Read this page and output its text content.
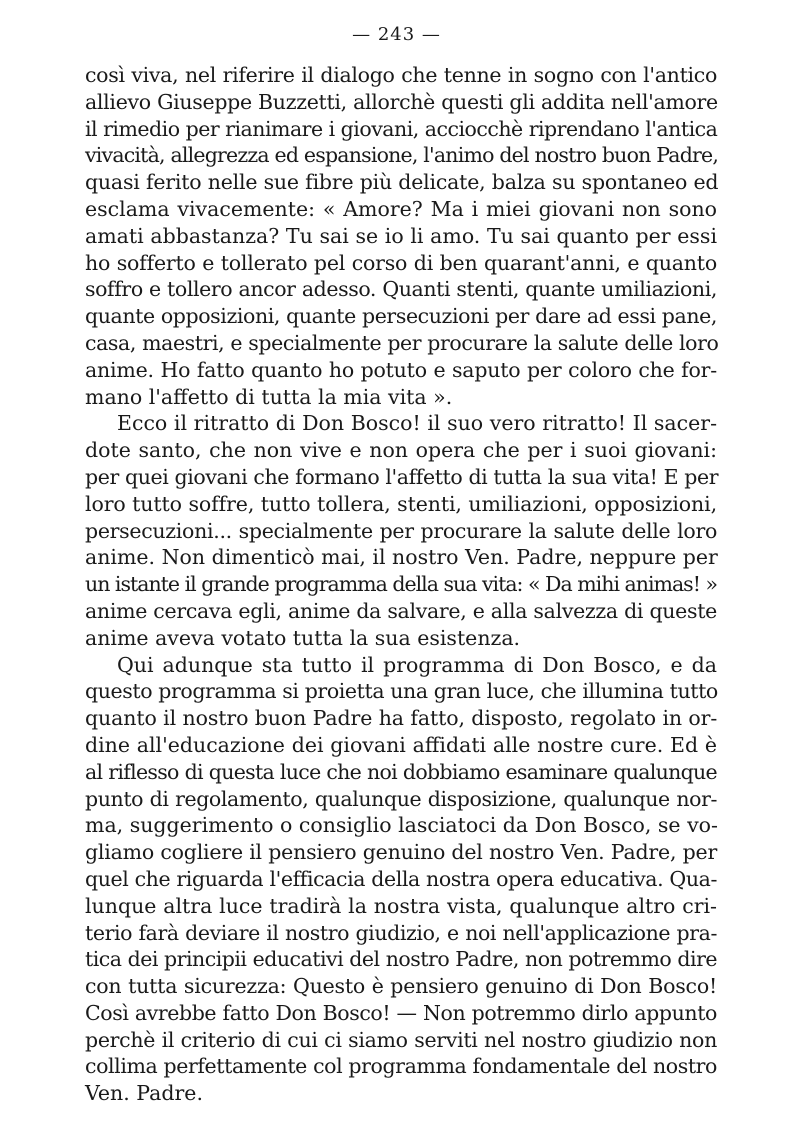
— 243 —
così viva, nel riferire il dialogo che tenne in sogno con l'antico
allievo Giuseppe Buzzetti, allorchè questi gli addita nell'amore
il rimedio per rianimare i giovani, acciocchè riprendano l'antica
vivacità, allegrezza ed espansione, l'animo del nostro buon Padre,
quasi ferito nelle sue fibre più delicate, balza su spontaneo ed
esclama vivacemente: « Amore? Ma i miei giovani non sono
amati abbastanza? Tu sai se io li amo. Tu sai quanto per essi
ho sofferto e tollerato pel corso di ben quarant'anni, e quanto
soffro e tollero ancor adesso. Quanti stenti, quante umiliazioni,
quante opposizioni, quante persecuzioni per dare ad essi pane,
casa, maestri, e specialmente per procurare la salute delle loro
anime. Ho fatto quanto ho potuto e saputo per coloro che for-
mano l'affetto di tutta la mia vita ».
Ecco il ritratto di Don Bosco! il suo vero ritratto! Il sacer-
dote santo, che non vive e non opera che per i suoi giovani:
per quei giovani che formano l'affetto di tutta la sua vita! E per
loro tutto soffre, tutto tollera, stenti, umiliazioni, opposizioni,
persecuzioni... specialmente per procurare la salute delle loro
anime. Non dimenticò mai, il nostro Ven. Padre, neppure per
un istante il grande programma della sua vita: « Da mihi animas! »
anime cercava egli, anime da salvare, e alla salvezza di queste
anime aveva votato tutta la sua esistenza.
Qui adunque sta tutto il programma di Don Bosco, e da
questo programma si proietta una gran luce, che illumina tutto
quanto il nostro buon Padre ha fatto, disposto, regolato in or-
dine all'educazione dei giovani affidati alle nostre cure. Ed è
al riflesso di questa luce che noi dobbiamo esaminare qualunque
punto di regolamento, qualunque disposizione, qualunque nor-
ma, suggerimento o consiglio lasciatoci da Don Bosco, se vo-
gliamo cogliere il pensiero genuino del nostro Ven. Padre, per
quel che riguarda l'efficacia della nostra opera educativa. Qua-
lunque altra luce tradirà la nostra vista, qualunque altro cri-
terio farà deviare il nostro giudizio, e noi nell'applicazione pra-
tica dei principii educativi del nostro Padre, non potremmo dire
con tutta sicurezza: Questo è pensiero genuino di Don Bosco!
Così avrebbe fatto Don Bosco! — Non potremmo dirlo appunto
perchè il criterio di cui ci siamo serviti nel nostro giudizio non
collima perfettamente col programma fondamentale del nostro
Ven. Padre.
